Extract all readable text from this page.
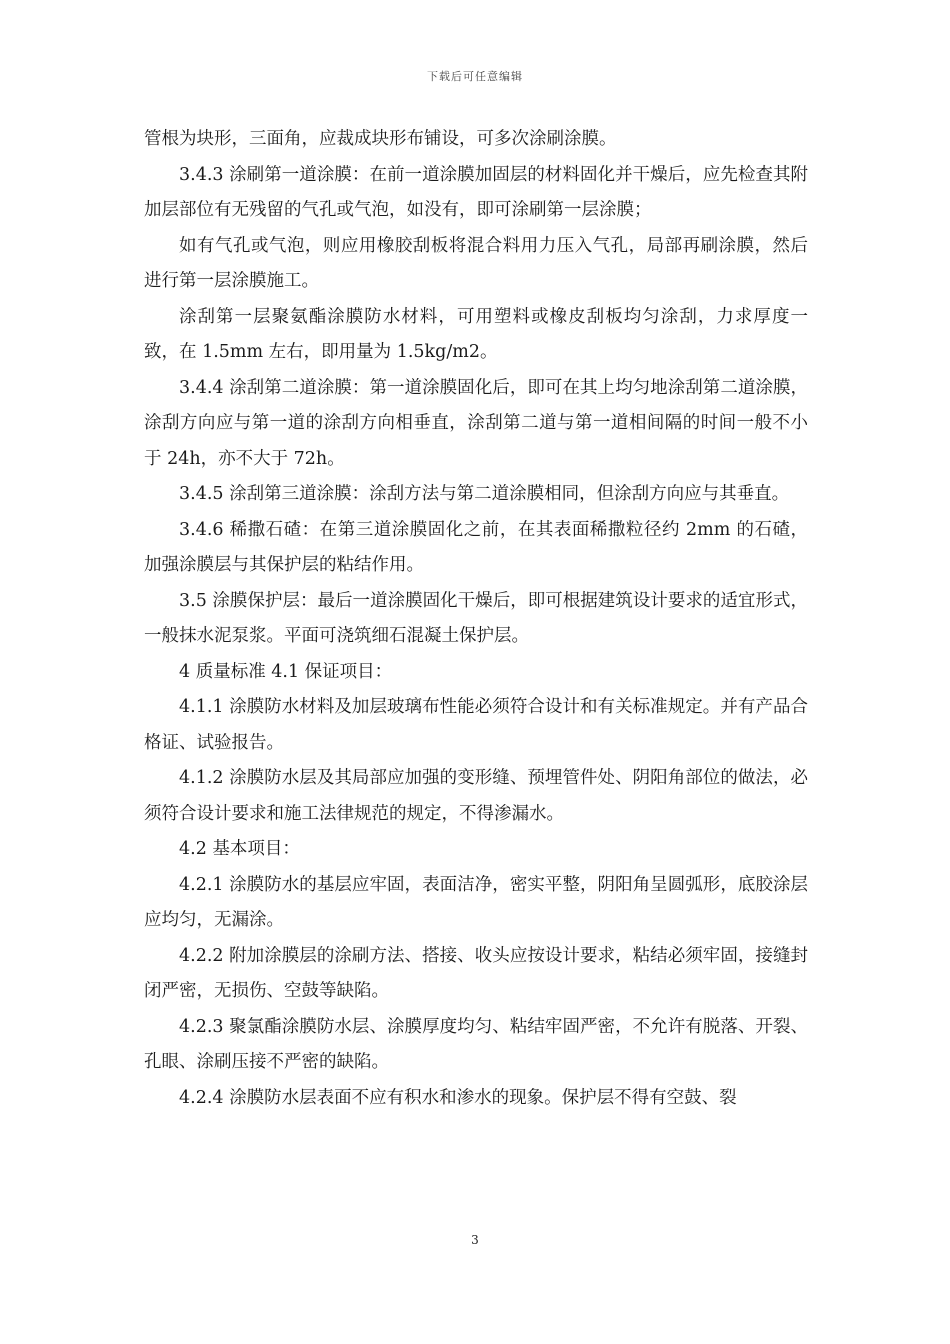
下载后可任意编辑

管根为块形，三面角，应裁成块形布铺设，可多次涂刷涂膜。

3.4.3 涂刷第一道涂膜：在前一道涂膜加固层的材料固化并干燥后，应先检查其附加层部位有无残留的气孔或气泡，如没有，即可涂刷第一层涂膜；

如有气孔或气泡，则应用橡胶刮板将混合料用力压入气孔，局部再刷涂膜，然后进行第一层涂膜施工。

涂刮第一层聚氨酯涂膜防水材料，可用塑料或橡皮刮板均匀涂刮，力求厚度一致，在 1.5mm 左右，即用量为 1.5kg/m2。

3.4.4 涂刮第二道涂膜：第一道涂膜固化后，即可在其上均匀地涂刮第二道涂膜，涂刮方向应与第一道的涂刮方向相垂直，涂刮第二道与第一道相间隔的时间一般不小于 24h，亦不大于 72h。

3.4.5 涂刮第三道涂膜：涂刮方法与第二道涂膜相同，但涂刮方向应与其垂直。

3.4.6 稀撒石碴：在第三道涂膜固化之前，在其表面稀撒粒径约 2mm 的石碴，加强涂膜层与其保护层的粘结作用。

3.5 涂膜保护层：最后一道涂膜固化干燥后，即可根据建筑设计要求的适宜形式，一般抹水泥泵浆。平面可浇筑细石混凝土保护层。

4 质量标准 4.1 保证项目：

4.1.1 涂膜防水材料及加层玻璃布性能必须符合设计和有关标准规定。并有产品合格证、试验报告。

4.1.2 涂膜防水层及其局部应加强的变形缝、预埋管件处、阴阳角部位的做法，必须符合设计要求和施工法律规范的规定，不得渗漏水。

4.2 基本项目：

4.2.1 涂膜防水的基层应牢固，表面洁净，密实平整，阴阳角呈圆弧形，底胶涂层应均匀，无漏涂。

4.2.2 附加涂膜层的涂刷方法、搭接、收头应按设计要求，粘结必须牢固，接缝封闭严密，无损伤、空鼓等缺陷。

4.2.3 聚氯酯涂膜防水层、涂膜厚度均匀、粘结牢固严密，不允许有脱落、开裂、孔眼、涂刷压接不严密的缺陷。

4.2.4 涂膜防水层表面不应有积水和渗水的现象。保护层不得有空鼓、裂

3
